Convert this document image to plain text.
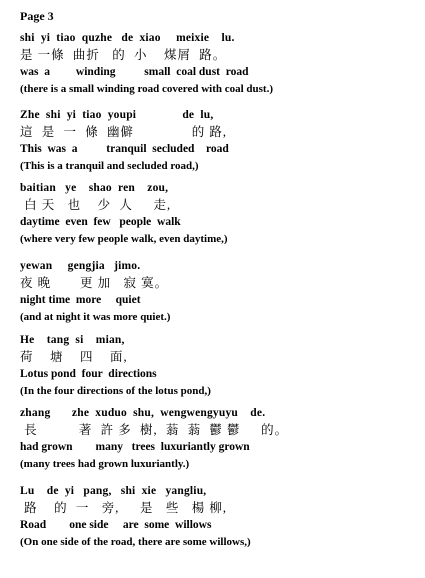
Page 3
shi  yi  tiao  quzhe   de  xiao     meixie    lu.
是 一條  曲折   的  小    煤屑  路。
was  a         winding          small  coal dust  road
(there is a small winding road covered with coal dust.)
Zhe  shi  yi  tiao  youpi               de  lu,
這  是  一  條  幽僻              的 路,
This  was  a          tranquil  secluded    road
(This is a tranquil and secluded road,)
baitian   ye    shao  ren    zou,
白 天   也    少  人     走,
daytime  even  few   people  walk
(where very few people walk, even daytime,)
yewan     gengjia   jimo.
夜 晚       更 加   寂 寞。
night time  more     quiet
(and at night it was more quiet.)
He    tang  si    mian,
荷    塘    四    面,
Lotus pond  four  directions
(In the four directions of the lotus pond,)
zhang       zhe  xuduo  shu,  wengwengyuyu    de.
長          著  許 多  樹,  蓊  蓊  鬱 鬱     的。
had grown        many   trees  luxuriantly grown
(many trees had grown luxuriantly.)
Lu    de  yi   pang,   shi  xie   yangliu,
路    的  一   旁,     是   些   楊 柳,
Road        one side     are  some  willows
(On one side of the road, there are some willows,)
